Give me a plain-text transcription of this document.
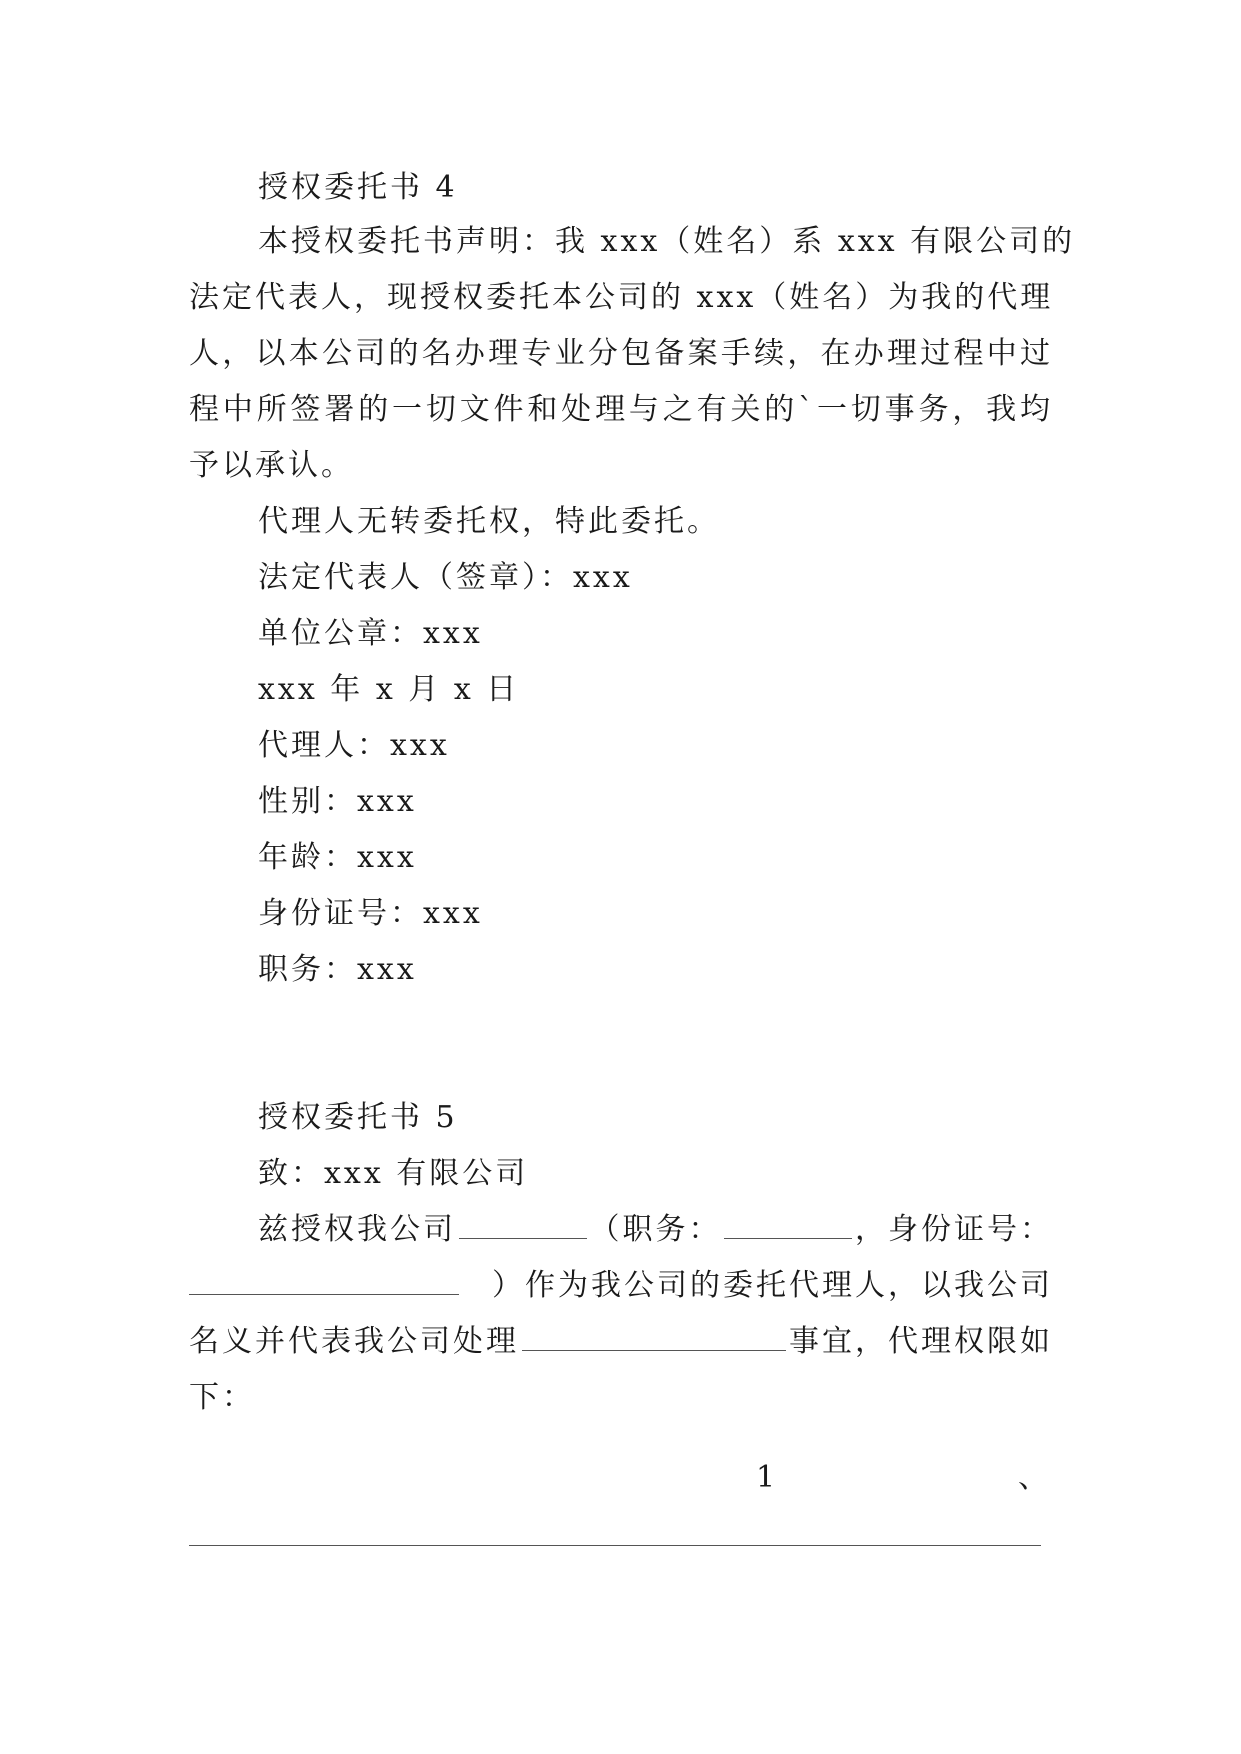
授权委托书 4

本授权委托书声明：我 xxx（姓名）系 xxx 有限公司的

法定代表人，现授权委托本公司的 xxx（姓名）为我的代理

人，以本公司的名办理专业分包备案手续，在办理过程中过

程中所签署的一切文件和处理与之有关的`一切事务，我均

予以承认。

代理人无转委托权，特此委托。

法定代表人（签章）：xxx

单位公章：xxx

xxx 年 x 月 x 日

代理人：xxx

性别：xxx

年龄：xxx

身份证号：xxx

职务：xxx

授权委托书 5

致：xxx 有限公司

兹授权我公司	（职务：	，身份证号：
）作为我公司的委托代理人，以我公司
名义并代表我公司处理	事宜，代理权限如

下：

1	、
